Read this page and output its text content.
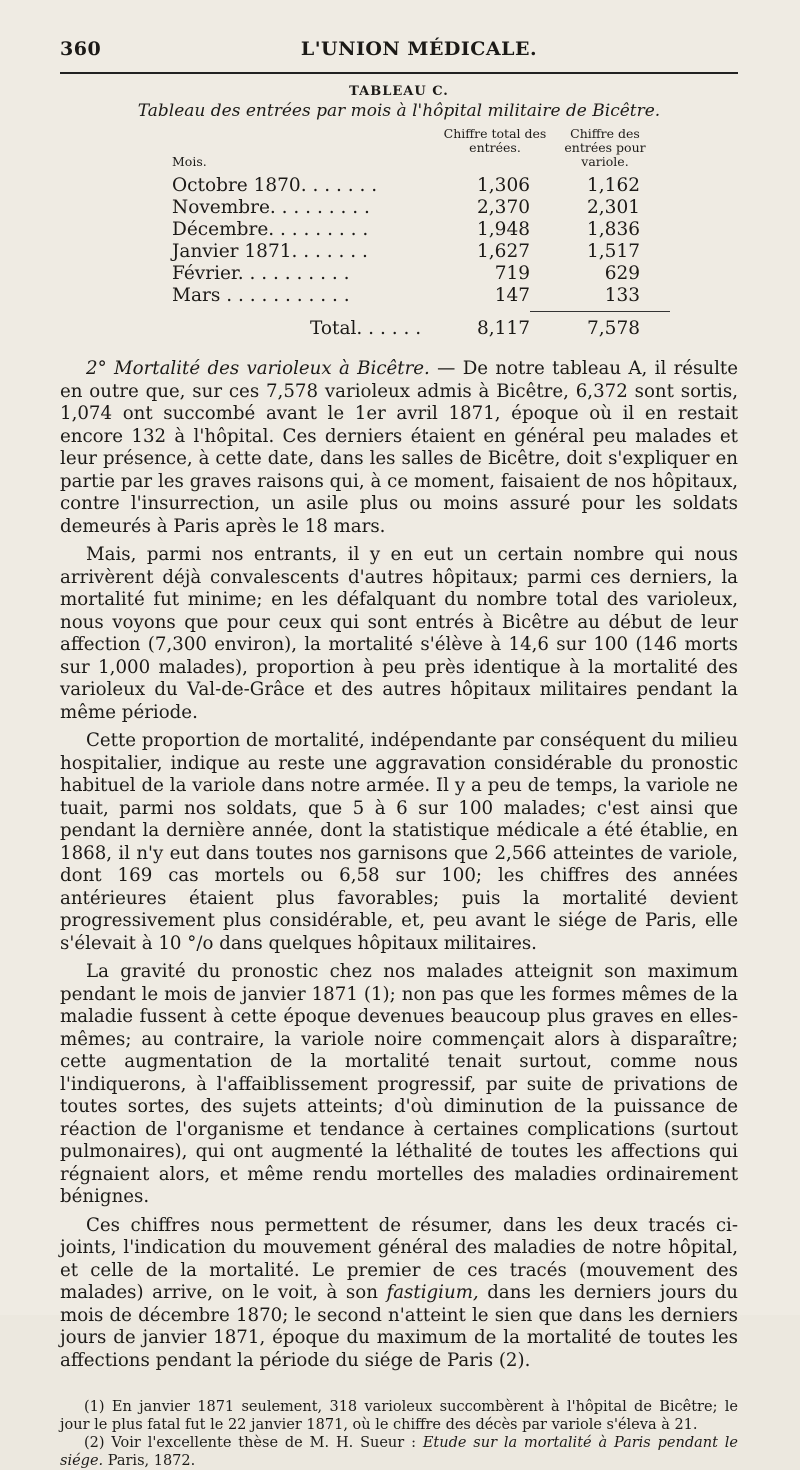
360	L'UNION MÉDICALE.
TABLEAU C.
Tableau des entrées par mois à l'hôpital militaire de Bicêtre.
Mois.
Chiffre total des entrées.
Chiffre des entrées pour variole.
Octobre 1870. . . . . . .	1,306	1,162
Novembre. . . . . . . . .	2,370	2,301
Décembre. . . . . . . . .	1,948	1,836
Janvier 1871. . . . . . .	1,627	1,517
Février. . . . . . . . . .	719	629
Mars . . . . . . . . . . .	147	133
Total. . . . . .	8,117	7,578

2° Mortalité des varioleux à Bicêtre. — De notre tableau A, il résulte en outre que, sur ces 7,578 varioleux admis à Bicêtre, 6,372 sont sortis, 1,074 ont succombé avant le 1er avril 1871, époque où il en restait encore 132 à l'hôpital. Ces derniers étaient en général peu malades et leur présence, à cette date, dans les salles de Bicêtre, doit s'expliquer en partie par les graves raisons qui, à ce moment, faisaient de nos hôpitaux, contre l'insurrection, un asile plus ou moins assuré pour les soldats demeurés à Paris après le 18 mars.

Mais, parmi nos entrants, il y en eut un certain nombre qui nous arrivèrent déjà convalescents d'autres hôpitaux; parmi ces derniers, la mortalité fut minime; en les défalquant du nombre total des varioleux, nous voyons que pour ceux qui sont entrés à Bicêtre au début de leur affection (7,300 environ), la mortalité s'élève à 14,6 sur 100 (146 morts sur 1,000 malades), proportion à peu près identique à la mortalité des varioleux du Val-de-Grâce et des autres hôpitaux militaires pendant la même période.

Cette proportion de mortalité, indépendante par conséquent du milieu hospitalier, indique au reste une aggravation considérable du pronostic habituel de la variole dans notre armée. Il y a peu de temps, la variole ne tuait, parmi nos soldats, que 5 à 6 sur 100 malades; c'est ainsi que pendant la dernière année, dont la statistique médicale a été établie, en 1868, il n'y eut dans toutes nos garnisons que 2,566 atteintes de variole, dont 169 cas mortels ou 6,58 sur 100; les chiffres des années antérieures étaient plus favorables; puis la mortalité devient progressivement plus considérable, et, peu avant le siége de Paris, elle s'élevait à 10 °/o dans quelques hôpitaux militaires.

La gravité du pronostic chez nos malades atteignit son maximum pendant le mois de janvier 1871 (1); non pas que les formes mêmes de la maladie fussent à cette époque devenues beaucoup plus graves en elles-mêmes; au contraire, la variole noire commençait alors à disparaître; cette augmentation de la mortalité tenait surtout, comme nous l'indiquerons, à l'affaiblissement progressif, par suite de privations de toutes sortes, des sujets atteints; d'où diminution de la puissance de réaction de l'organisme et tendance à certaines complications (surtout pulmonaires), qui ont augmenté la léthalité de toutes les affections qui régnaient alors, et même rendu mortelles des maladies ordinairement bénignes.

Ces chiffres nous permettent de résumer, dans les deux tracés ci-joints, l'indication du mouvement général des maladies de notre hôpital, et celle de la mortalité. Le premier de ces tracés (mouvement des malades) arrive, on le voit, à son fastigium, dans les derniers jours du mois de décembre 1870; le second n'atteint le sien que dans les derniers jours de janvier 1871, époque du maximum de la mortalité de toutes les affections pendant la période du siége de Paris (2).

(1) En janvier 1871 seulement, 318 varioleux succombèrent à l'hôpital de Bicêtre; le jour le plus fatal fut le 22 janvier 1871, où le chiffre des décès par variole s'éleva à 21.

(2) Voir l'excellente thèse de M. H. Sueur : Etude sur la mortalité à Paris pendant le siége. Paris, 1872.
